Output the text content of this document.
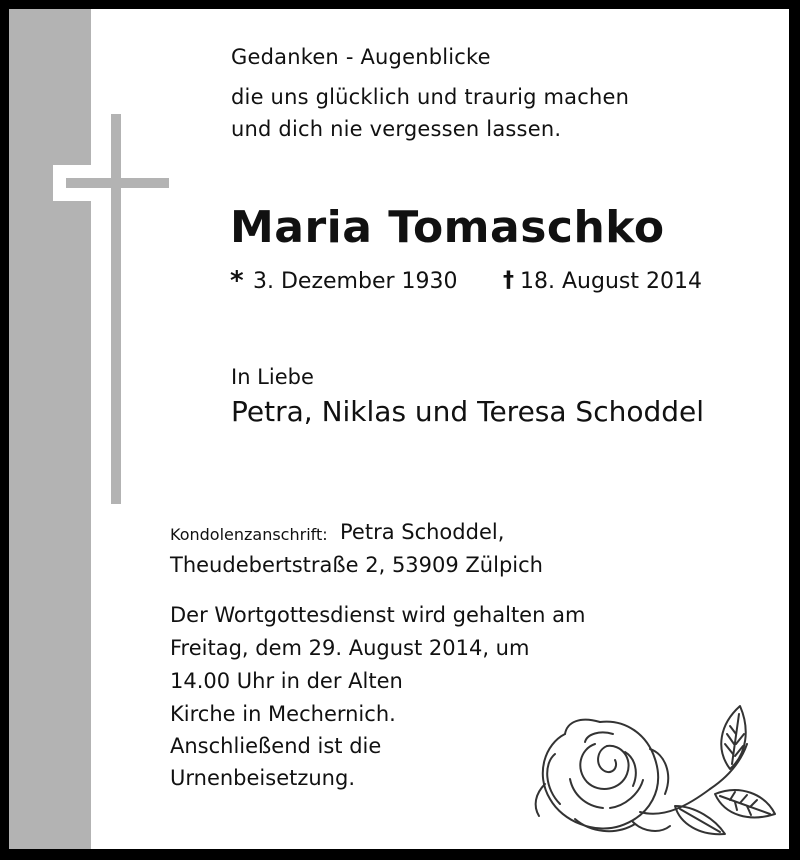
Gedanken - Augenblicke

die uns glücklich und traurig machen

und dich nie vergessen lassen.

Maria Tomaschko
* 3. Dezember 1930 † 18. August 2014

In Liebe

Petra, Niklas und Teresa Schoddel

Kondolenzanschrift: Petra Schoddel,

Theudebertstraße 2, 53909 Zülpich

Der Wortgottesdienst wird gehalten am

Freitag, dem 29. August 2014, um

14.00 Uhr in der Alten

Kirche in Mechernich.

Anschließend ist die

Urnenbeisetzung.
